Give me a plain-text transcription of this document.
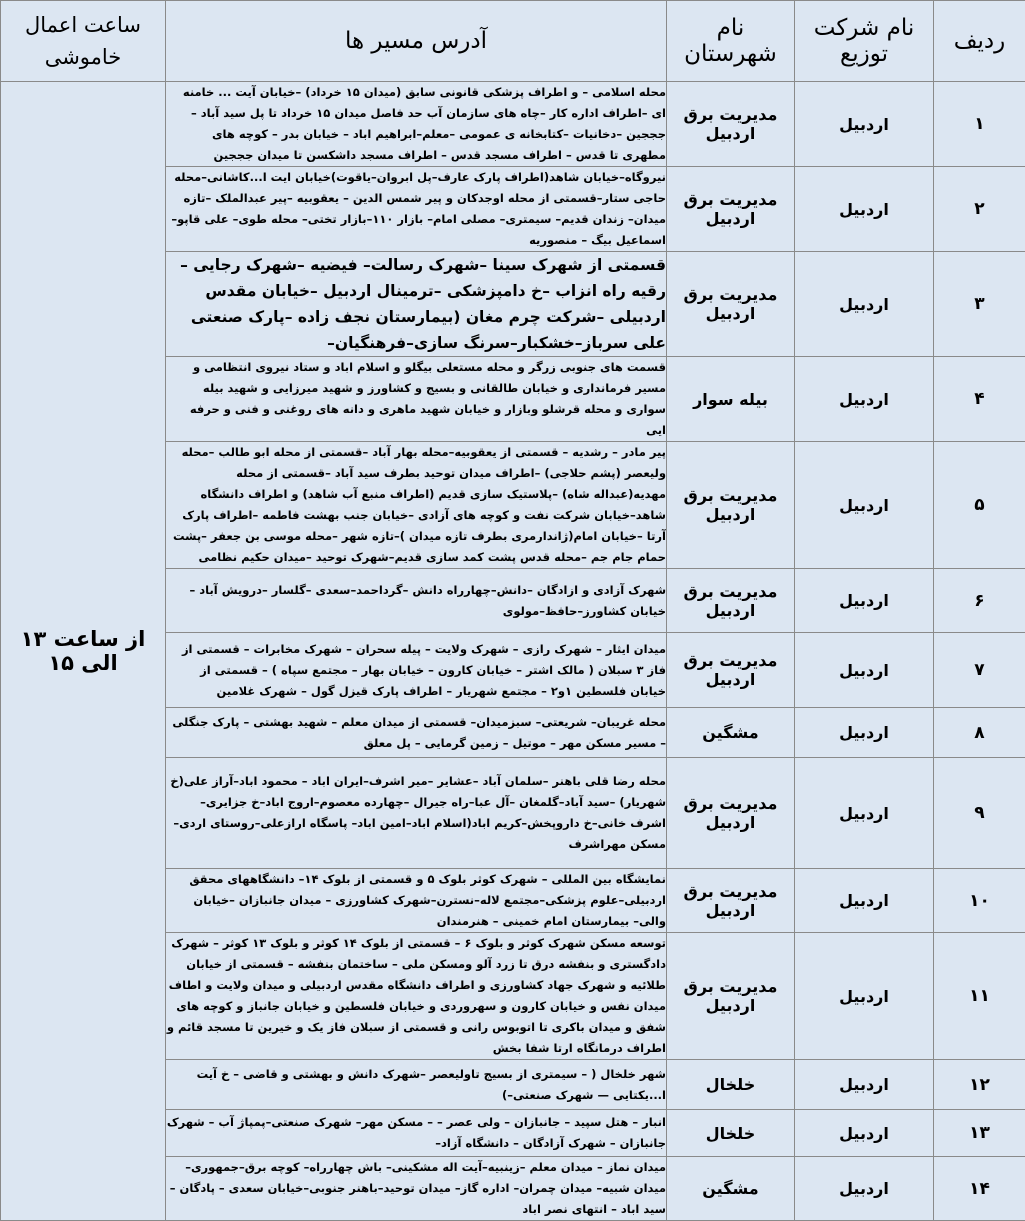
ردیف	نام شرکت توزیع	نام شهرستان	آدرس مسیر ها	ساعت اعمال
خاموشی

۱	اردبیل	مدیریت برق اردبیل	محله اسلامی – و اطراف پزشکی قانونی سابق (میدان ۱۵ خرداد) –خیابان آیت ... خامنه ای –اطراف اداره کار –چاه های سازمان آب حد فاصل میدان ۱۵ خرداد تا پل سید آباد – جججین –دخانیات –کتابخانه ی عمومی –معلم–ابراهیم اباد – خیابان بدر – کوچه های مطهری تا قدس – اطراف مسجد قدس – اطراف مسجد داشکسن تا میدان جججین	از ساعت ۱۳ الی ۱۵
۲	اردبیل	مدیریت برق اردبیل	نیروگاه–خیابان شاهد(اطراف پارک عارف–پل ابروان–یاقوت)خیابان ایت ا...کاشانی–محله حاجی ستار–قسمتی از محله اوجدکان و پیر شمس الدین – یعقوبیه –پیر عبدالملک –تازه میدان– زندان قدیم– سیمتری– مصلی امام– بازار ۱۱۰–بازار تختی– محله طوی– علی قاپو– اسماعیل بیگ – منصوریه	
۳	اردبیل	مدیریت برق اردبیل	قسمتی از شهرک سینا –شهرک رسالت– فیضیه –شهرک رجایی –رقیه راه انزاب –خ دامپزشکی –ترمینال اردبیل –خیابان مقدس اردبیلی –شرکت چرم مغان (بیمارستان نجف زاده –پارک صنعتی علی سرباز–خشکبار–سرنگ سازی–فرهنگیان–	
۴	اردبیل	بیله سوار	قسمت های جنوبی زرگر و محله مستعلی بیگلو و اسلام اباد و ستاد نیروی انتظامی و مسیر فرمانداری و خیابان طالقانی و بسیج و کشاورز و شهید میرزایی و شهید بیله سواری و محله قرشلو وبازار و خیابان شهید ماهری و دانه های روغنی و فنی و حرفه ایی	
۵	اردبیل	مدیریت برق اردبیل	پیر مادر – رشدیه – قسمتی از یعقوبیه–محله بهار آباد –قسمتی از محله ابو طالب –محله ولیعصر (پشم حلاجی) –اطراف میدان توحید بطرف سید آباد –قسمتی از محله مهدیه(عبداله شاه) –پلاستیک سازی قدیم (اطراف منبع آب شاهد) و اطراف دانشگاه شاهد–خیابان شرکت نفت و کوچه های آزادی –خیابان جنب بهشت فاطمه –اطراف پارک آرتا –خیابان امام(ژاندارمری بطرف تازه میدان )–تازه شهر –محله موسی بن جعفر –پشت حمام جام جم –محله قدس پشت کمد سازی قدیم–شهرک توحید –میدان حکیم نظامی	
۶	اردبیل	مدیریت برق اردبیل	شهرک آزادی و ازادگان –دانش–چهارراه دانش –گرداحمد–سعدی –گلسار –درویش آباد –خیابان کشاورز–حافظ–مولوی	
۷	اردبیل	مدیریت برق اردبیل	میدان ایثار – شهرک رازی – شهرک ولایت – پیله سحران – شهرک مخابرات – قسمتی از فاز ۳ سبلان ( مالک اشتر – خیابان کارون – خیابان بهار – مجتمع سپاه ) – قسمتی از خیابان فلسطین ۱و۲ – مجتمع شهریار – اطراف پارک قیزل گول – شهرک غلامین	
۸	اردبیل	مشگین	محله غریبان– شریعتی– سبزمیدان– قسمتی از میدان معلم – شهید بهشتی – پارک جنگلی – مسیر مسکن مهر – موتیل – زمین گرمایی – پل معلق	
۹	اردبیل	مدیریت برق اردبیل	محله رضا قلی باهنر –سلمان آباد –عشایر –میر اشرف–ایران اباد – محمود اباد–آراز علی(خ شهریار) –سید آباد–گلمغان –آل عبا–راه جیرال –چهارده معصوم–اروج اباد–خ جزایری– اشرف خانی–خ داروپخش–کریم اباد(اسلام اباد–امین اباد– پاسگاه ارازعلی–روستای اردی–مسکن مهراشرف	
۱۰	اردبیل	مدیریت برق اردبیل	نمایشگاه بین المللی – شهرک کوثر بلوک ۵ و قسمتی از بلوک ۱۴– دانشگاههای محقق اردبیلی–علوم پزشکی–مجتمع لاله–نسترن–شهرک کشاورزی – میدان جانبازان –خیابان والی– بیمارستان امام خمینی – هنرمندان	
۱۱	اردبیل	مدیریت برق اردبیل	توسعه مسکن شهرک کوثر و بلوک ۶ – قسمتی از بلوک ۱۴ کوثر و بلوک ۱۳ کوثر – شهرک دادگستری و بنفشه درق تا زرد آلو ومسکن ملی – ساختمان بنفشه – قسمتی از خیابان طلائیه و شهرک جهاد کشاورزی و اطراف دانشگاه مقدس اردبیلی و میدان ولایت و اطاف میدان نفس و خیابان کارون و سهروردی و خیابان فلسطین و خیابان جانباز و کوچه های شفق و میدان باکری تا اتوبوس رانی و قسمتی از سبلان فاز یک و خیرین تا مسجد قائم و اطراف درمانگاه ارتا شفا بخش	
۱۲	اردبیل	خلخال	شهر خلخال ( – سیمتری از بسیج تاولیعصر –شهرک دانش و بهشتی و قاضی – خ آیت ا...یکتایی — شهرک صنعتی–)	
۱۳	اردبیل	خلخال	انبار – هتل سپید – جانبازان – ولی عصر – – مسکن مهر– شهرک صنعتی–پمپاژ آب – شهرک جانبازان – شهرک آزادگان – دانشگاه آزاد–	
۱۴	اردبیل	مشگین	میدان نماز – میدان معلم –زینبیه–آیت اله مشکینی– باش چهارراه– کوچه برق–جمهوری– میدان شبیه– میدان چمران– اداره گاز– میدان توحید–باهنر جنوبی–خیابان سعدی – پادگان – سید اباد – انتهای نصر اباد	
